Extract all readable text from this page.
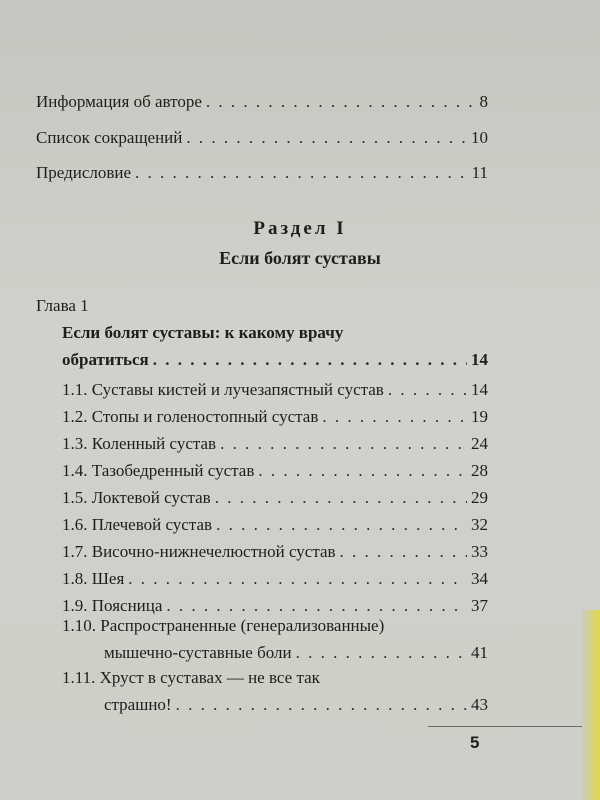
Информация об авторе . . .	8
Список сокращений . . .	10
Предисловие . . .	11
Раздел I
Если болят суставы
Глава 1
Если болят суставы: к какому врачу
обратиться . . .	14
1.1. Суставы кистей и лучезапястный сустав . . .	14
1.2. Стопы и голеностопный сустав . . .	19
1.3. Коленный сустав . . .	24
1.4. Тазобедренный сустав . . .	28
1.5. Локтевой сустав . . .	29
1.6. Плечевой сустав . . .	32
1.7. Височно-нижнечелюстной сустав . . .	33
1.8. Шея . . .	34
1.9. Поясница . . .	37
1.10. Распространенные (генерализованные)
мышечно-суставные боли . . .	41
1.11. Хруст в суставах — не все так
страшно! . . .	43
5
